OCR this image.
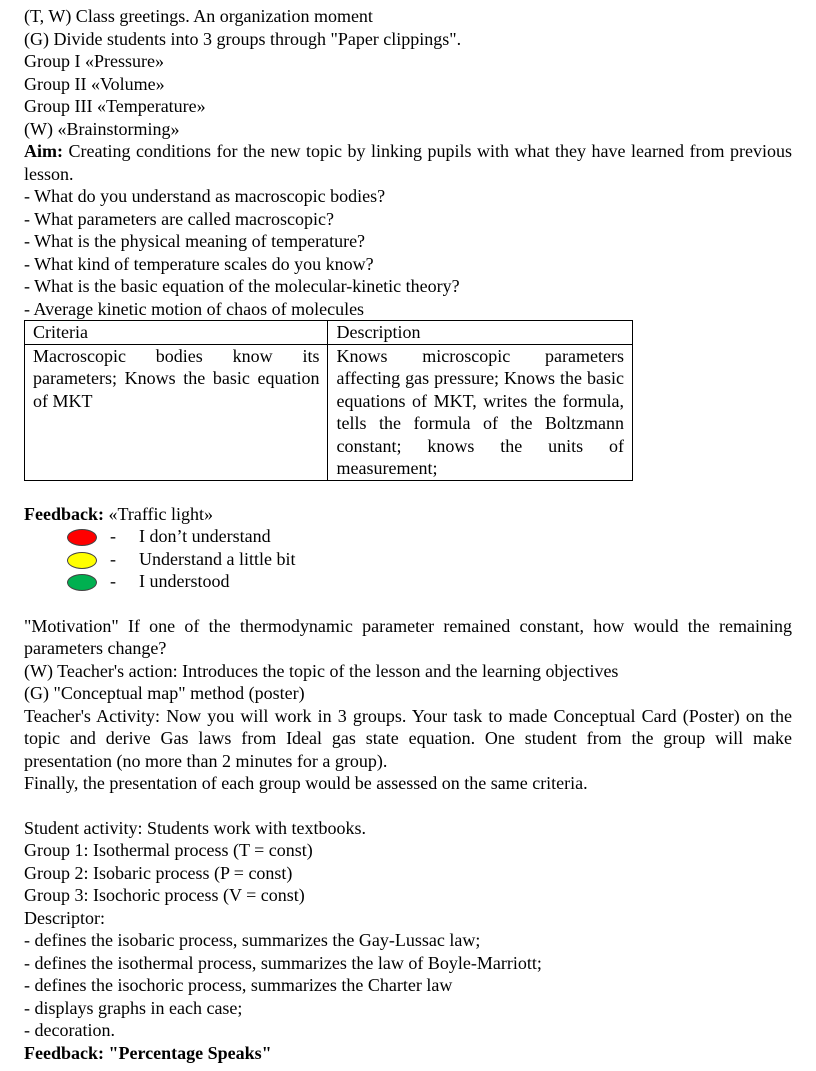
(T, W) Class greetings. An organization moment
(G) Divide students into 3 groups through "Paper clippings".
Group I «Pressure»
Group II «Volume»
Group III «Temperature»
(W) «Brainstorming»
Aim: Creating conditions for the new topic by linking pupils with what they have learned from previous lesson.
- What do you understand as macroscopic bodies?
- What parameters are called macroscopic?
- What is the physical meaning of temperature?
- What kind of temperature scales do you know?
- What is the basic equation of the molecular-kinetic theory?
- Average kinetic motion of chaos of molecules
Criteria	Description
Macroscopic bodies know its parameters; Knows the basic equation of MKT	Knows microscopic parameters affecting gas pressure; Knows the basic equations of MKT, writes the formula, tells the formula of the Boltzmann constant; knows the units of measurement;
Feedback: «Traffic light»
- I don’t understand
- Understand a little bit
- I understood
"Motivation" If one of the thermodynamic parameter remained constant, how would the remaining parameters change?
(W) Teacher's action: Introduces the topic of the lesson and the learning objectives
(G) "Conceptual map" method (poster)
Teacher's Activity: Now you will work in 3 groups. Your task to made Conceptual Card (Poster) on the topic and derive Gas laws from Ideal gas state equation. One student from the group will make presentation (no more than 2 minutes for a group).
Finally, the presentation of each group would be assessed on the same criteria.
Student activity: Students work with textbooks.
Group 1: Isothermal process (T = const)
Group 2: Isobaric process (P = const)
Group 3: Isochoric process (V = const)
Descriptor:
- defines the isobaric process, summarizes the Gay-Lussac law;
- defines the isothermal process, summarizes the law of Boyle-Marriott;
- defines the isochoric process, summarizes the Charter law
- displays graphs in each case;
- decoration.
Feedback: "Percentage Speaks"
